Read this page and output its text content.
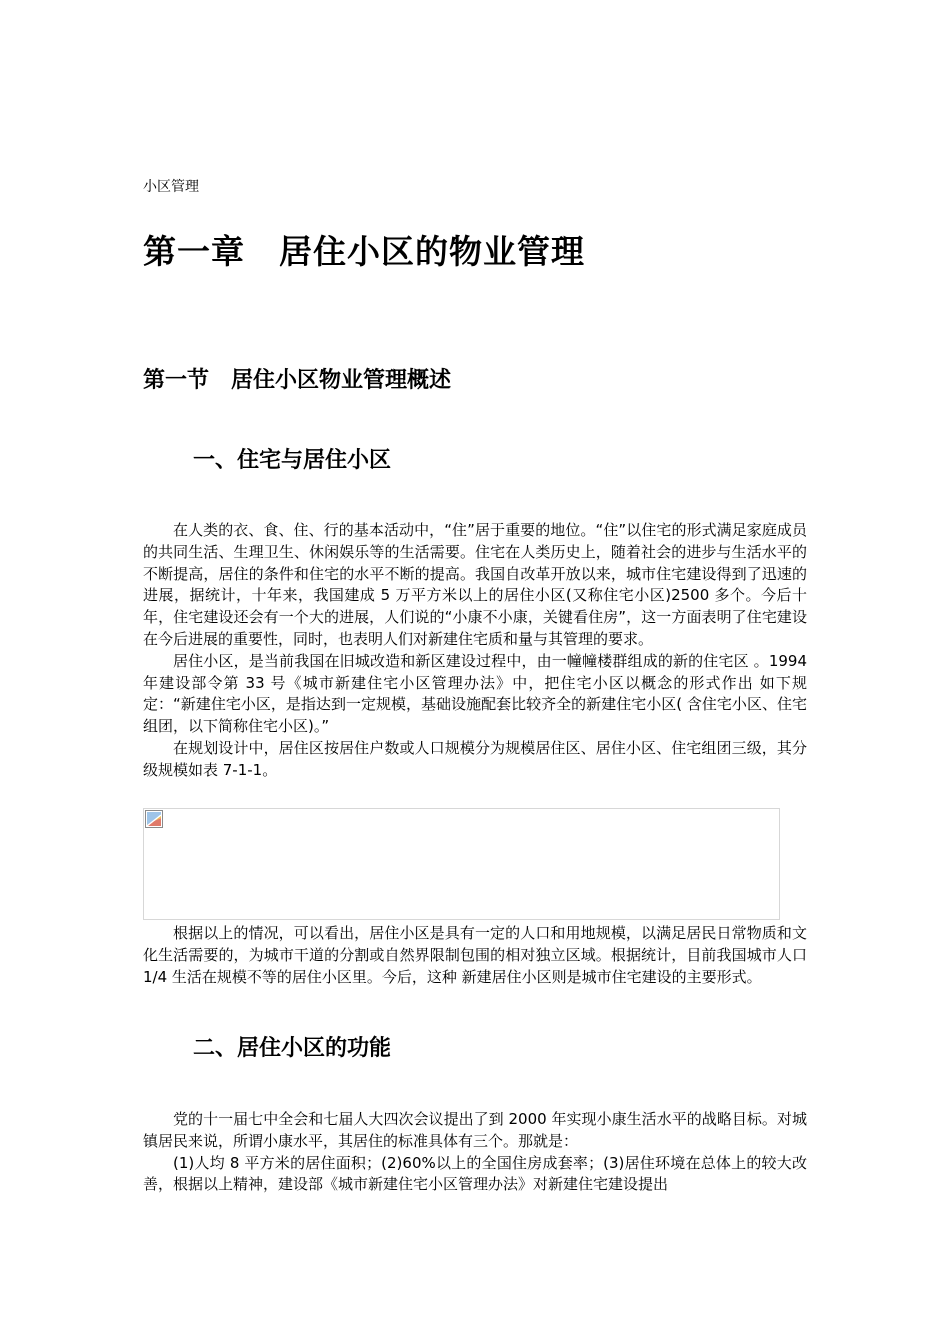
小区管理
第一章　居住小区的物业管理
第一节　居住小区物业管理概述
一、住宅与居住小区

在人类的衣、食、住、行的基本活动中，“住”居于重要的地位。“住”以住宅的形式满足家庭成员的共同生活、生理卫生、休闲娱乐等的生活需要。住宅在人类历史上，随着社会的进步与生活水平的不断提高，居住的条件和住宅的水平不断的提高。我国自改革开放以来，城市住宅建设得到了迅速的进展，据统计，十年来，我国建成 5 万平方米以上的居住小区(又称住宅小区)2500 多个。今后十年，住宅建设还会有一个大的进展，人们说的“小康不小康，关键看住房”，这一方面表明了住宅建设在今后进展的重要性，同时，也表明人们对新建住宅质和量与其管理的要求。

居住小区，是当前我国在旧城改造和新区建设过程中，由一幢幢楼群组成的新的住宅区 。1994 年建设部令第 33 号《城市新建住宅小区管理办法》中，把住宅小区以概念的形式作出 如下规定：“新建住宅小区，是指达到一定规模，基础设施配套比较齐全的新建住宅小区( 含住宅小区、住宅组团，以下简称住宅小区)。”

在规划设计中，居住区按居住户数或人口规模分为规模居住区、居住小区、住宅组团三级，其分级规模如表 7-1-1。

根据以上的情况，可以看出，居住小区是具有一定的人口和用地规模，以满足居民日常物质和文化生活需要的，为城市干道的分割或自然界限制包围的相对独立区域。根据统计，目前我国城市人口 1/4 生活在规模不等的居住小区里。今后，这种 新建居住小区则是城市住宅建设的主要形式。

二、居住小区的功能

党的十一届七中全会和七届人大四次会议提出了到 2000 年实现小康生活水平的战略目标。对城镇居民来说，所谓小康水平，其居住的标准具体有三个。那就是：

(1)人均 8 平方米的居住面积；(2)60%以上的全国住房成套率；(3)居住环境在总体上的较大改善，根据以上精神，建设部《城市新建住宅小区管理办法》对新建住宅建设提出
